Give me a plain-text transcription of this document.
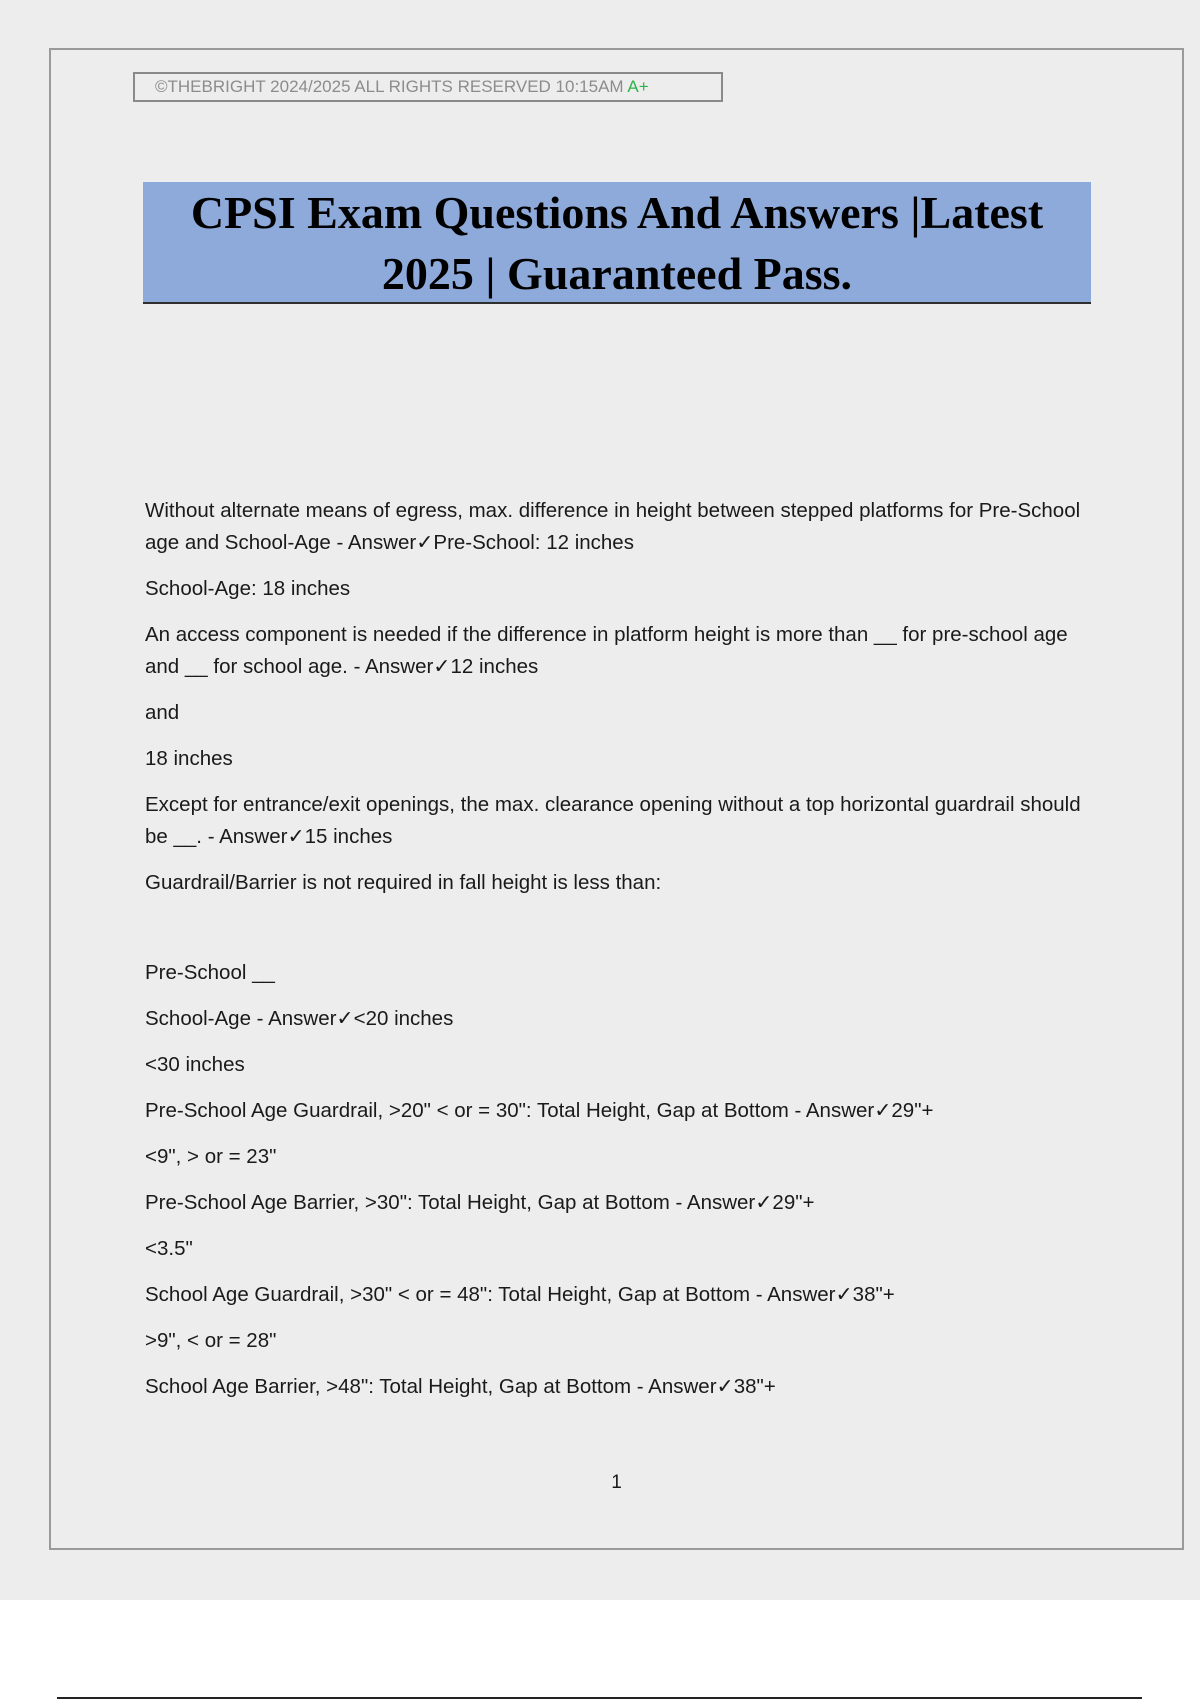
©THEBRIGHT 2024/2025 ALL RIGHTS RESERVED 10:15AM A+
CPSI Exam Questions And Answers |Latest
2025 | Guaranteed Pass.

Without alternate means of egress, max. difference in height between stepped platforms for Pre-School age and School-Age - Answer✓Pre-School: 12 inches

School-Age: 18 inches

An access component is needed if the difference in platform height is more than __ for pre-school age and __ for school age. - Answer✓12 inches

and

18 inches

Except for entrance/exit openings, the max. clearance opening without a top horizontal guardrail should be __. - Answer✓15 inches

Guardrail/Barrier is not required in fall height is less than:

Pre-School __

School-Age - Answer✓<20 inches

<30 inches

Pre-School Age Guardrail, >20" < or = 30": Total Height, Gap at Bottom - Answer✓29"+

<9", > or = 23"

Pre-School Age Barrier, >30": Total Height, Gap at Bottom - Answer✓29"+

<3.5"

School Age Guardrail, >30" < or = 48": Total Height, Gap at Bottom - Answer✓38"+

>9", < or = 28"

School Age Barrier, >48": Total Height, Gap at Bottom - Answer✓38"+

1
